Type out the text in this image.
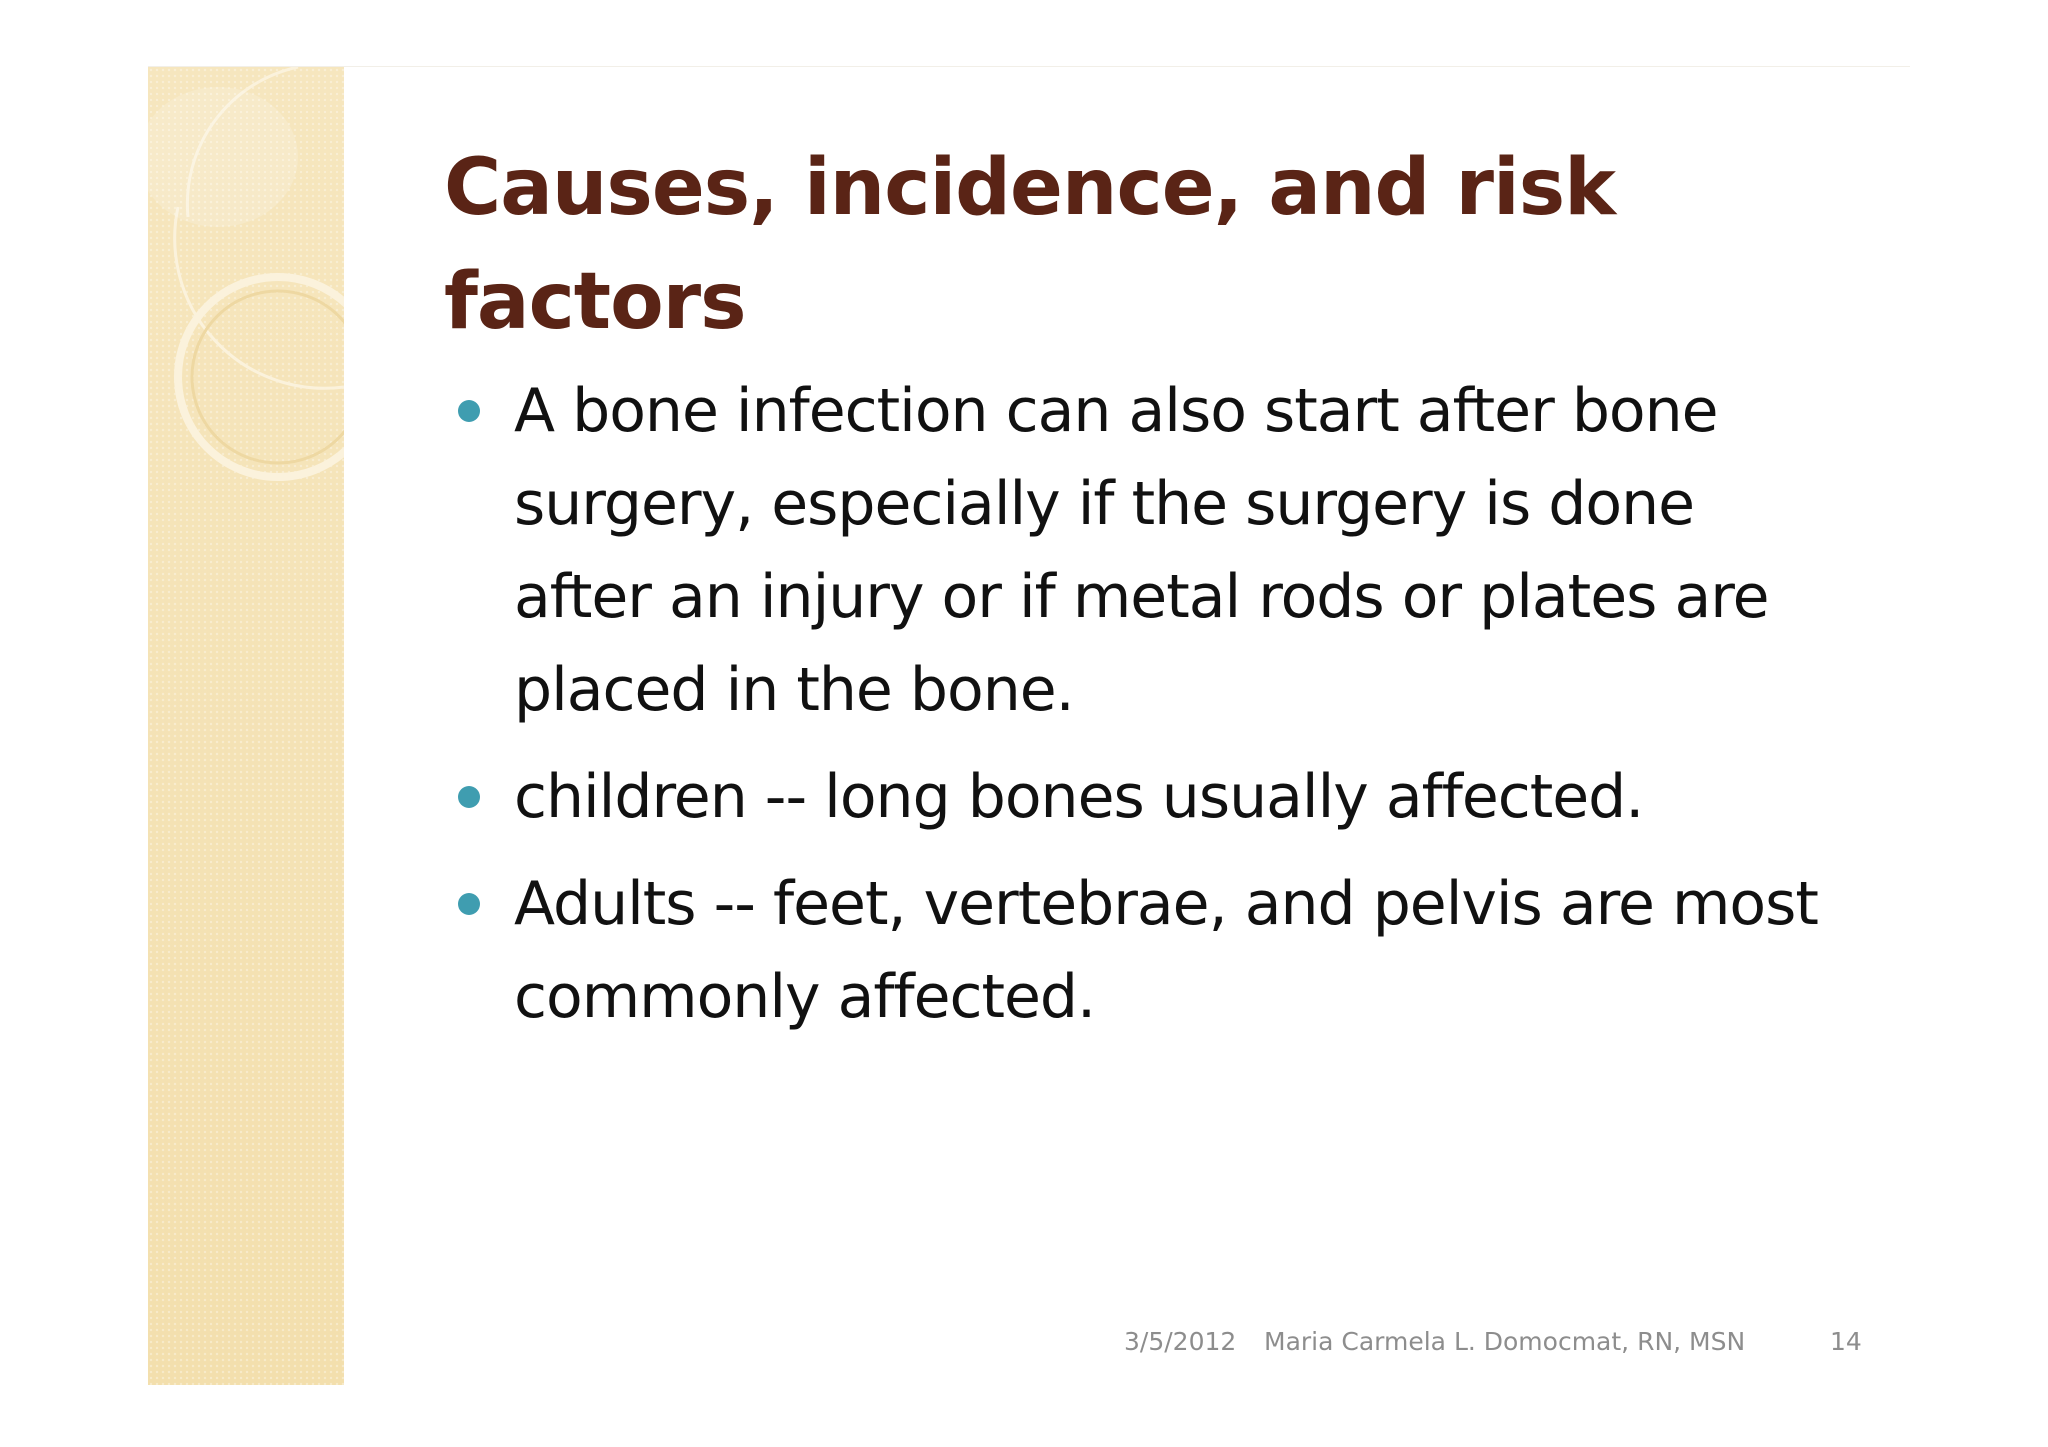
Causes, incidence, and risk factors
A bone infection can also start after bone surgery, especially if the surgery is done after an injury or if metal rods or plates are placed in the bone.
children -- long bones usually affected.
Adults -- feet, vertebrae, and pelvis are most commonly affected.
3/5/2012 Maria Carmela L. Domocmat, RN, MSN	14
